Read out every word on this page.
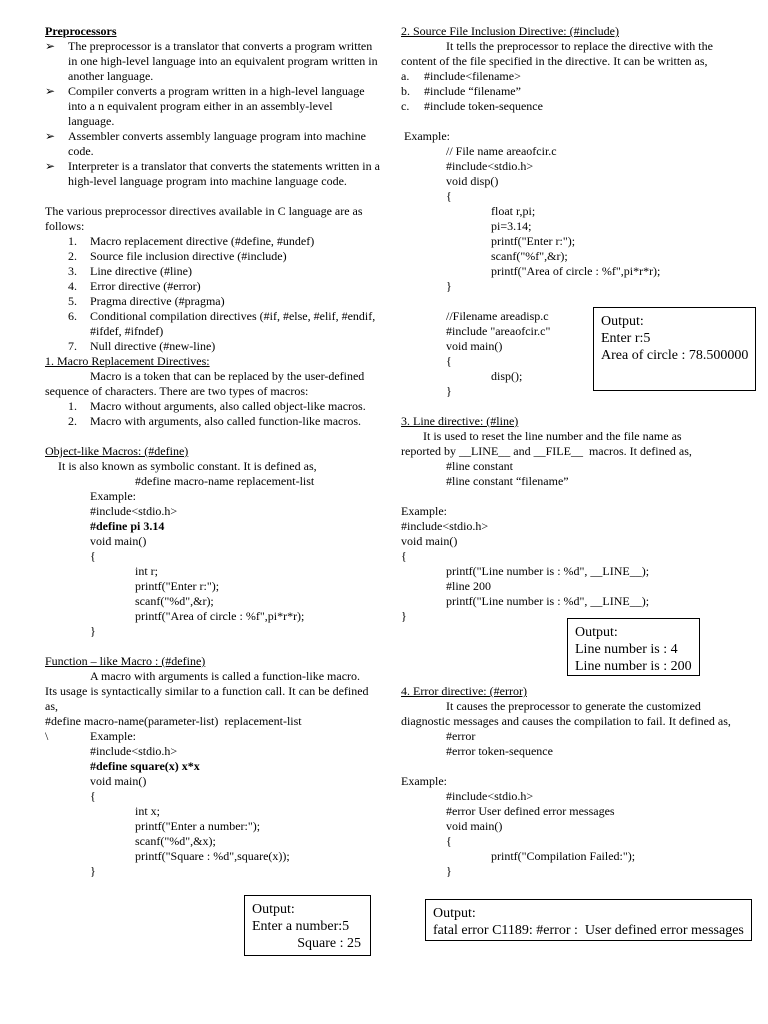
Preprocessors
➢ The preprocessor is a translator that converts a program written in one high-level language into an equivalent program written in another language.
➢ Compiler converts a program written in a high-level language into a n equivalent program either in an assembly-level language.
➢ Assembler converts assembly language program into machine code.
➢ Interpreter is a translator that converts the statements written in a high-level language program into machine language code.
The various preprocessor directives available in C language are as follows:
1. Macro replacement directive (#define, #undef)
2. Source file inclusion directive (#include)
3. Line directive (#line)
4. Error directive (#error)
5. Pragma directive (#pragma)
6. Conditional compilation directives (#if, #else, #elif, #endif, #ifdef, #ifndef)
7. Null directive (#new-line)
1. Macro Replacement Directives:
Macro is a token that can be replaced by the user-defined
sequence of characters. There are two types of macros:
1. Macro without arguments, also called object-like macros.
2. Macro with arguments, also called function-like macros.
Object-like Macros: (#define)
It is also known as symbolic constant. It is defined as,
#define macro-name replacement-list
Example:
#include<stdio.h>
#define pi 3.14
void main()
{
int r;
printf("Enter r:");
scanf("%d",&r);
printf("Area of circle : %f",pi*r*r);
}
Function – like Macro : (#define)
A macro with arguments is called a function-like macro.
Its usage is syntactically similar to a function call. It can be defined as,
#define macro-name(parameter-list)  replacement-list
\	Example:
#include<stdio.h>
#define square(x) x*x
void main()
{
int x;
printf("Enter a number:");
scanf("%d",&x);
printf("Square : %d",square(x));
}
Output:
Enter a number:5
Square : 25
2. Source File Inclusion Directive: (#include)
It tells the preprocessor to replace the directive with the
content of the file specified in the directive. It can be written as,
a. #include<filename>
b. #include “filename”
c. #include token-sequence
Example:
// File name areaofcir.c
#include<stdio.h>
void disp()
{
float r,pi;
pi=3.14;
printf("Enter r:");
scanf("%f",&r);
printf("Area of circle : %f",pi*r*r);
}
//Filename areadisp.c
#include "areaofcir.c"
void main()
{
disp();
}
3. Line directive: (#line)
It is used to reset the line number and the file name as
reported by __LINE__ and __FILE__  macros. It defined as,
#line constant
#line constant “filename”
Example:
#include<stdio.h>
void main()
{
printf("Line number is : %d", __LINE__);
#line 200
printf("Line number is : %d", __LINE__);
}
4. Error directive: (#error)
It causes the preprocessor to generate the customized
diagnostic messages and causes the compilation to fail. It defined as,
#error
#error token-sequence
Example:
#include<stdio.h>
#error User defined error messages
void main()
{
printf("Compilation Failed:");
}
Output:
Enter r:5
Area of circle : 78.500000
Output:
Line number is : 4
Line number is : 200
Output:
fatal error C1189: #error :  User defined error messages
